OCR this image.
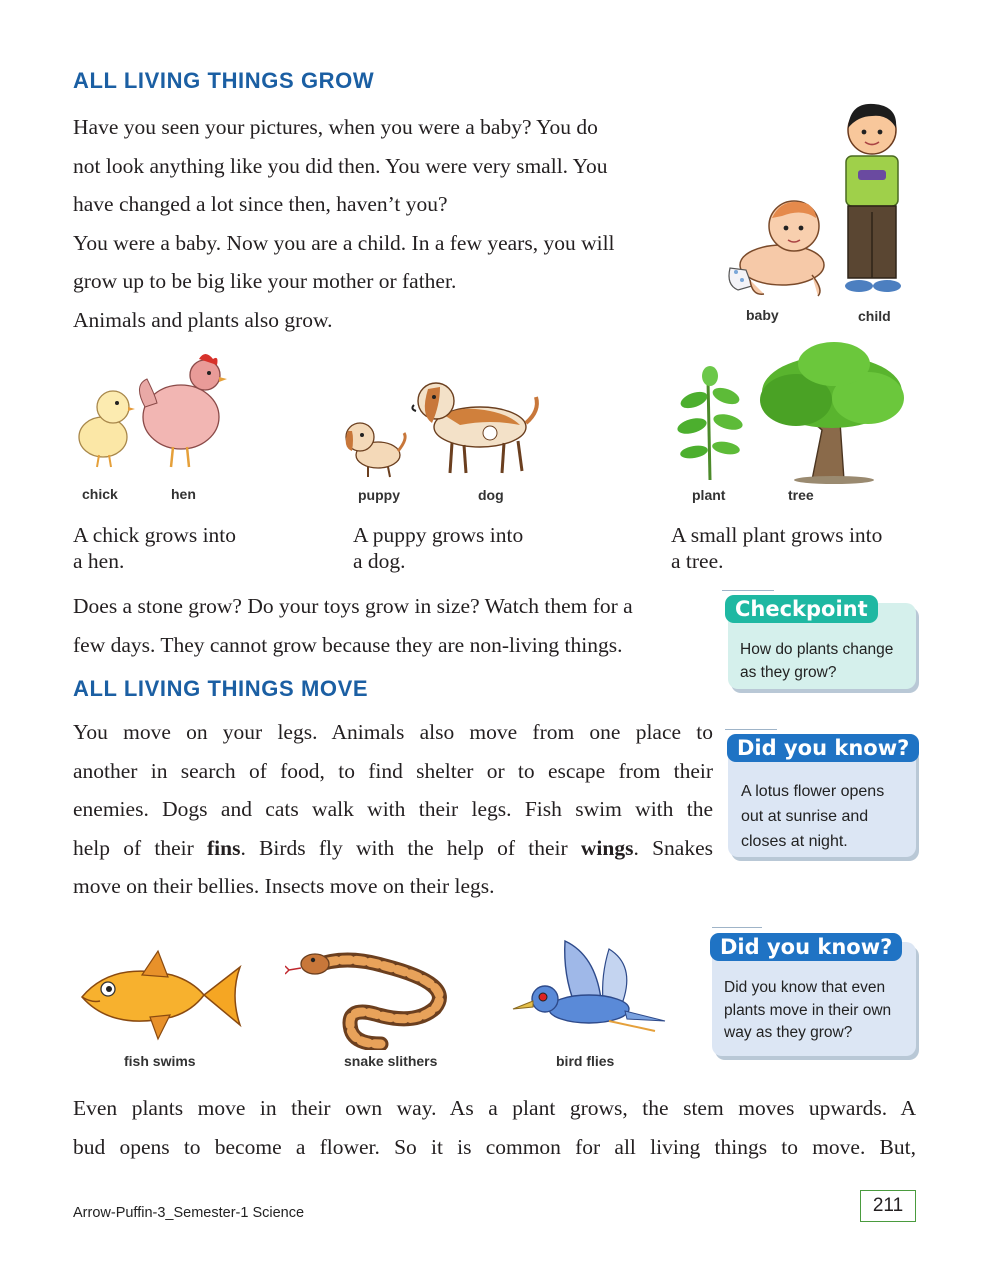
ALL LIVING THINGS GROW

Have you seen your pictures, when you were a baby? You do

not look anything like you did then. You were very small. You

have changed a lot since then, haven’t you?

You were a baby. Now you are a child. In a few years, you will

grow up to be big like your mother or father.

Animals and plants also grow.	baby	child
chick	hen	puppy	dog	plant	tree
A chick grows into
a hen.
A puppy grows into
a dog.
A small plant grows into
a tree.

Does a stone grow? Do your toys grow in size? Watch them for a

few days. They cannot grow because they are non-living things.

Checkpoint
How do plants change
as they grow?
ALL LIVING THINGS MOVE

You move on your legs. Animals also move from one place to

another in search of food, to find shelter or to escape from their

enemies. Dogs and cats walk with their legs. Fish swim with the

help of their fins. Birds fly with the help of their wings. Snakes

move on their bellies. Insects move on their legs.

Did you know?
A lotus flower opens
out at sunrise and
closes at night.
fish swims	snake slithers	bird flies
Did you know?
Did you know that even
plants move in their own
way as they grow?

Even plants move in their own way. As a plant grows, the stem moves upwards. A

bud opens to become a flower. So it is common for all living things to move. But,

Arrow-Puffin-3_Semester-1 Science	211
